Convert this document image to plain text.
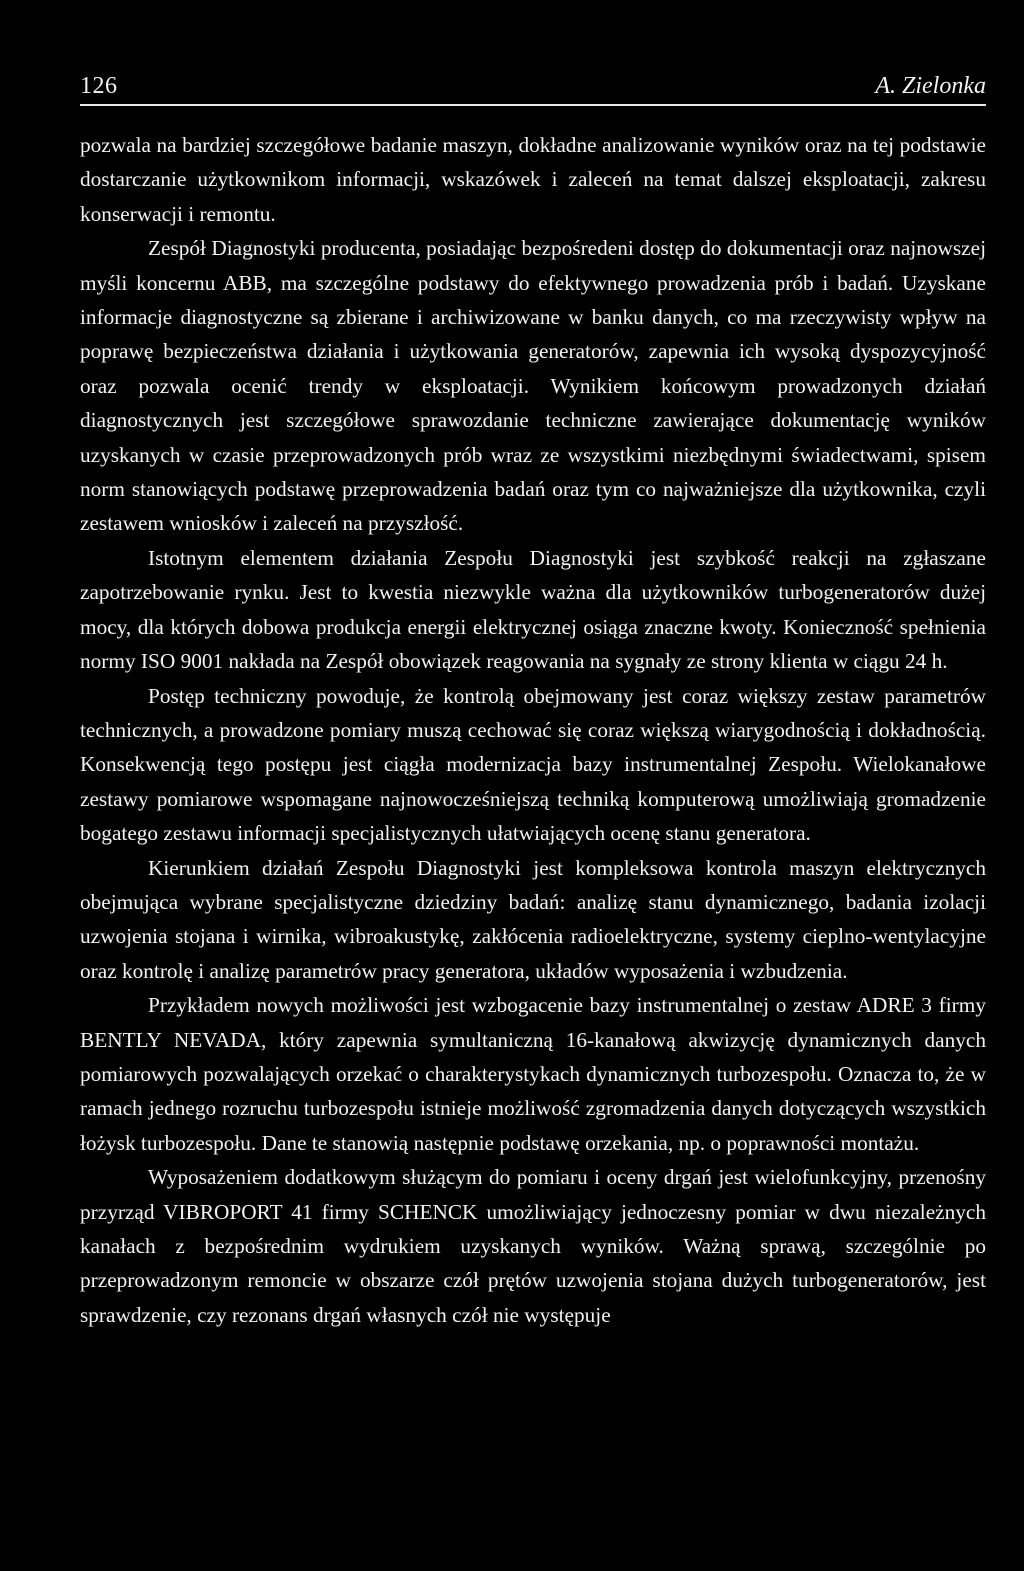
126	A. Zielonka

pozwala na bardziej szczegółowe badanie maszyn, dokładne analizowanie wyników oraz na tej podstawie dostarczanie użytkownikom informacji, wskazówek i zaleceń na temat dalszej eksploatacji, zakresu konserwacji i remontu.

Zespół Diagnostyki producenta, posiadając bezpośredeni dostęp do dokumentacji oraz najnowszej myśli koncernu ABB, ma szczególne podstawy do efektywnego prowadzenia prób i badań. Uzyskane informacje diagnostyczne są zbierane i archiwizowane w banku danych, co ma rzeczywisty wpływ na poprawę bezpieczeństwa działania i użytkowania generatorów, zapewnia ich wysoką dyspozycyjność oraz pozwala ocenić trendy w eksploatacji. Wynikiem końcowym prowadzonych działań diagnostycznych jest szczegółowe sprawozdanie techniczne zawierające dokumentację wyników uzyskanych w czasie przeprowadzonych prób wraz ze wszystkimi niezbędnymi świadectwami, spisem norm stanowiących podstawę przeprowadzenia badań oraz tym co najważniejsze dla użytkownika, czyli zestawem wniosków i zaleceń na przyszłość.

Istotnym elementem działania Zespołu Diagnostyki jest szybkość reakcji na zgłaszane zapotrzebowanie rynku. Jest to kwestia niezwykle ważna dla użytkowników turbogeneratorów dużej mocy, dla których dobowa produkcja energii elektrycznej osiąga znaczne kwoty. Konieczność spełnienia normy ISO 9001 nakłada na Zespół obowiązek reagowania na sygnały ze strony klienta w ciągu 24 h.

Postęp techniczny powoduje, że kontrolą obejmowany jest coraz większy zestaw parametrów technicznych, a prowadzone pomiary muszą cechować się coraz większą wiarygodnością i dokładnością. Konsekwencją tego postępu jest ciągła modernizacja bazy instrumentalnej Zespołu. Wielokanałowe zestawy pomiarowe wspomagane najnowocześniejszą techniką komputerową umożliwiają gromadzenie bogatego zestawu informacji specjalistycznych ułatwiających ocenę stanu generatora.

Kierunkiem działań Zespołu Diagnostyki jest kompleksowa kontrola maszyn elektrycznych obejmująca wybrane specjalistyczne dziedziny badań: analizę stanu dynamicznego, badania izolacji uzwojenia stojana i wirnika, wibroakustykę, zakłócenia radioelektryczne, systemy cieplno-wentylacyjne oraz kontrolę i analizę parametrów pracy generatora, układów wyposażenia i wzbudzenia.

Przykładem nowych możliwości jest wzbogacenie bazy instrumentalnej o zestaw ADRE 3 firmy BENTLY NEVADA, który zapewnia symultaniczną 16-kanałową akwizycję dynamicznych danych pomiarowych pozwalających orzekać o charakterystykach dynamicznych turbozespołu. Oznacza to, że w ramach jednego rozruchu turbozespołu istnieje możliwość zgromadzenia danych dotyczących wszystkich łożysk turbozespołu. Dane te stanowią następnie podstawę orzekania, np. o poprawności montażu.

Wyposażeniem dodatkowym służącym do pomiaru i oceny drgań jest wielofunkcyjny, przenośny przyrząd VIBROPORT 41 firmy SCHENCK umożliwiający jednoczesny pomiar w dwu niezależnych kanałach z bezpośrednim wydrukiem uzyskanych wyników. Ważną sprawą, szczególnie po przeprowadzonym remoncie w obszarze czół prętów uzwojenia stojana dużych turbogeneratorów, jest sprawdzenie, czy rezonans drgań własnych czół nie występuje
